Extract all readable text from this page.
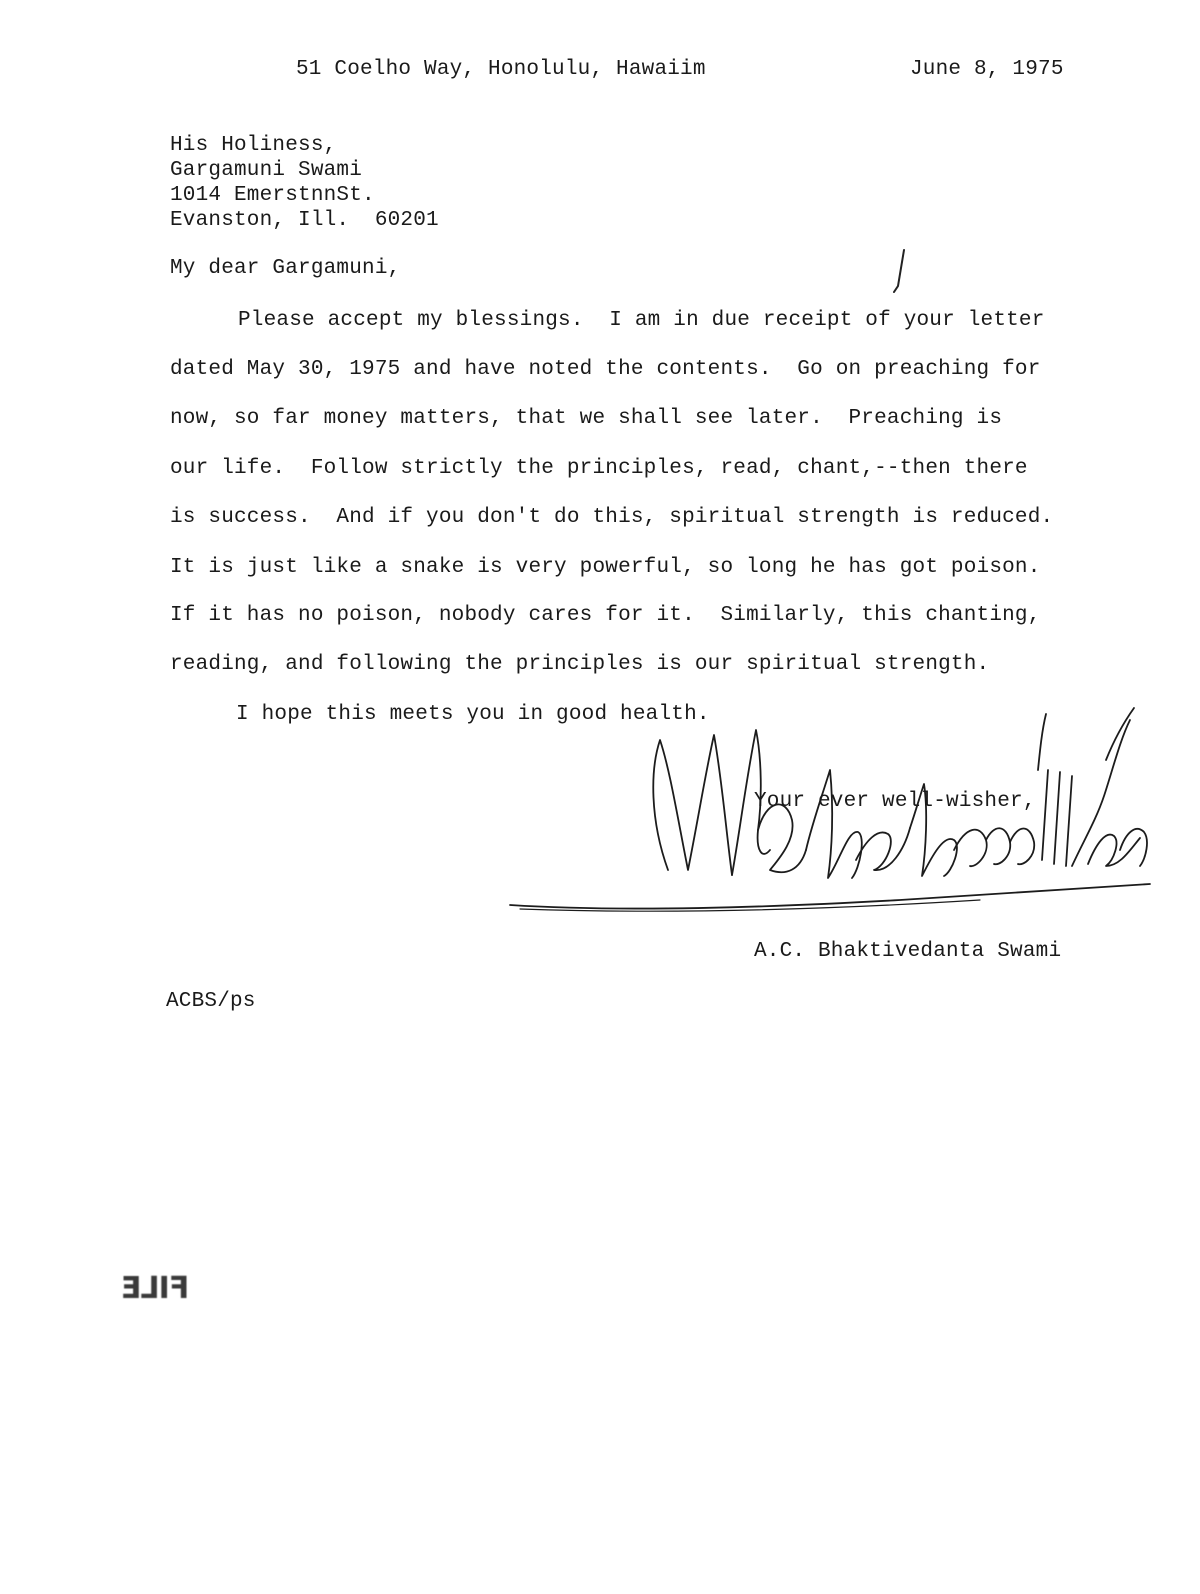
51 Coelho Way, Honolulu, Hawaiim	June 8, 1975
His Holiness,
Gargamuni Swami
1014 EmerstnnSt.
Evanston, Ill.  60201
My dear Gargamuni,
Please accept my blessings.  I am in due receipt of your letter
dated May 30, 1975 and have noted the contents.  Go on preaching for
now, so far money matters, that we shall see later.  Preaching is
our life.  Follow strictly the principles, read, chant,--then there
is success.  And if you don't do this, spiritual strength is reduced.
It is just like a snake is very powerful, so long he has got poison.
If it has no poison, nobody cares for it.  Similarly, this chanting,
reading, and following the principles is our spiritual strength.
I hope this meets you in good health.
Your ever well-wisher,
A.C. Bhaktivedanta Swami
ACBS/ps
FILE
